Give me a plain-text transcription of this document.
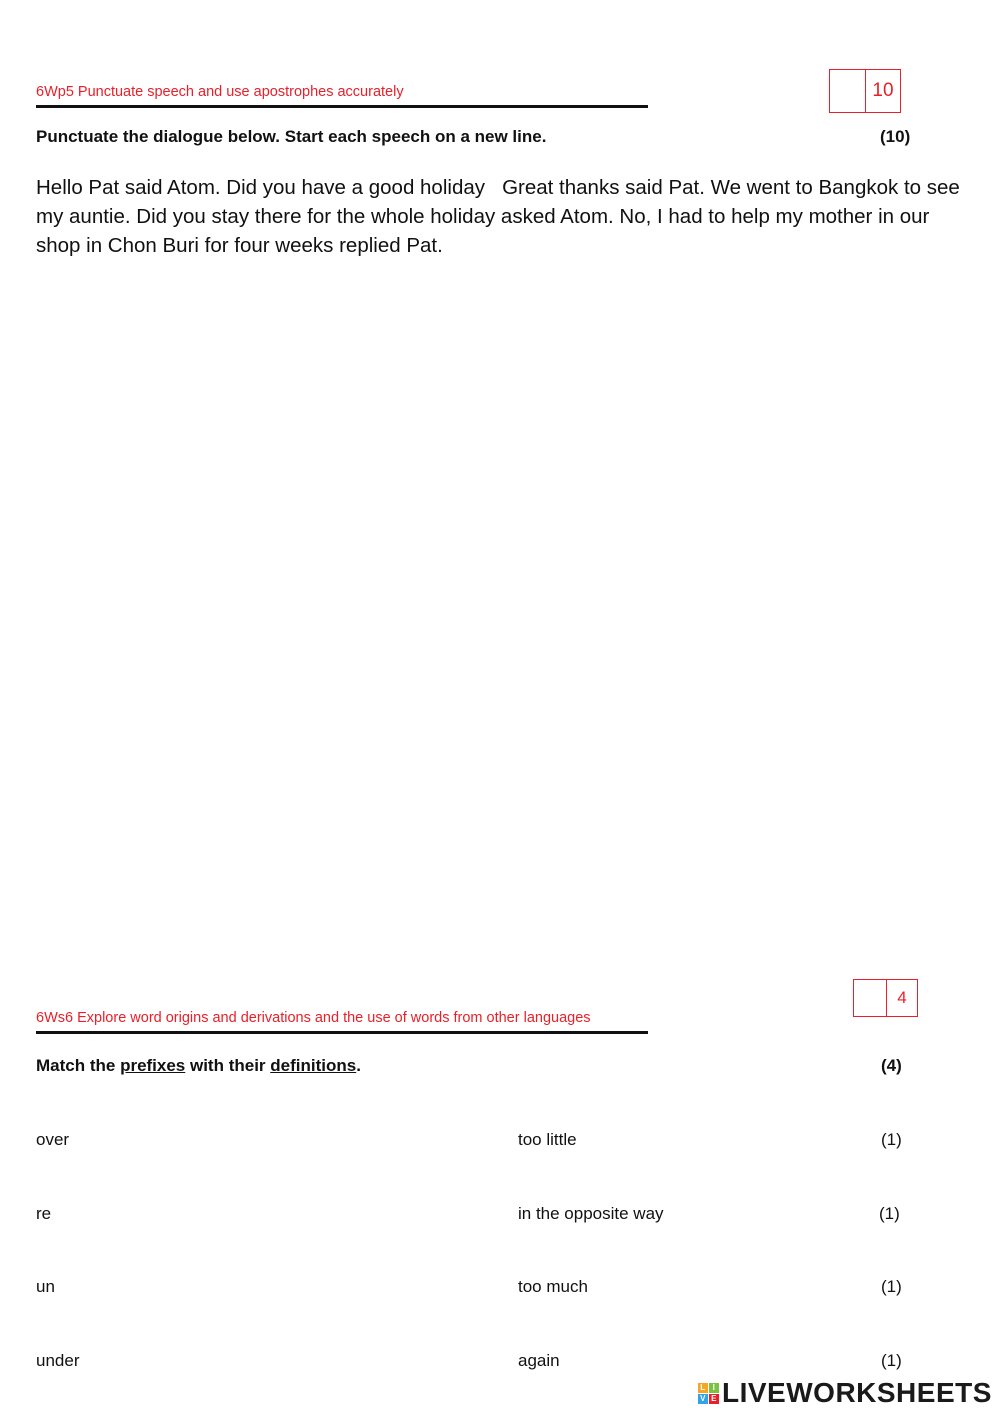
6Wp5 Punctuate speech and use apostrophes accurately	10
Punctuate the dialogue below. Start each speech on a new line.	(10)
Hello Pat said Atom. Did you have a good holiday   Great thanks said Pat. We went to Bangkok to see my auntie. Did you stay there for the whole holiday asked Atom. No, I had to help my mother in our shop in Chon Buri for four weeks replied Pat.
4
6Ws6 Explore word origins and derivations and the use of words from other languages
Match the prefixes with their definitions.	(4)
over	too little	(1)
re	in the opposite way	(1)
un	too much	(1)
under	again	(1)
L I
V E LIVEWORKSHEETS
